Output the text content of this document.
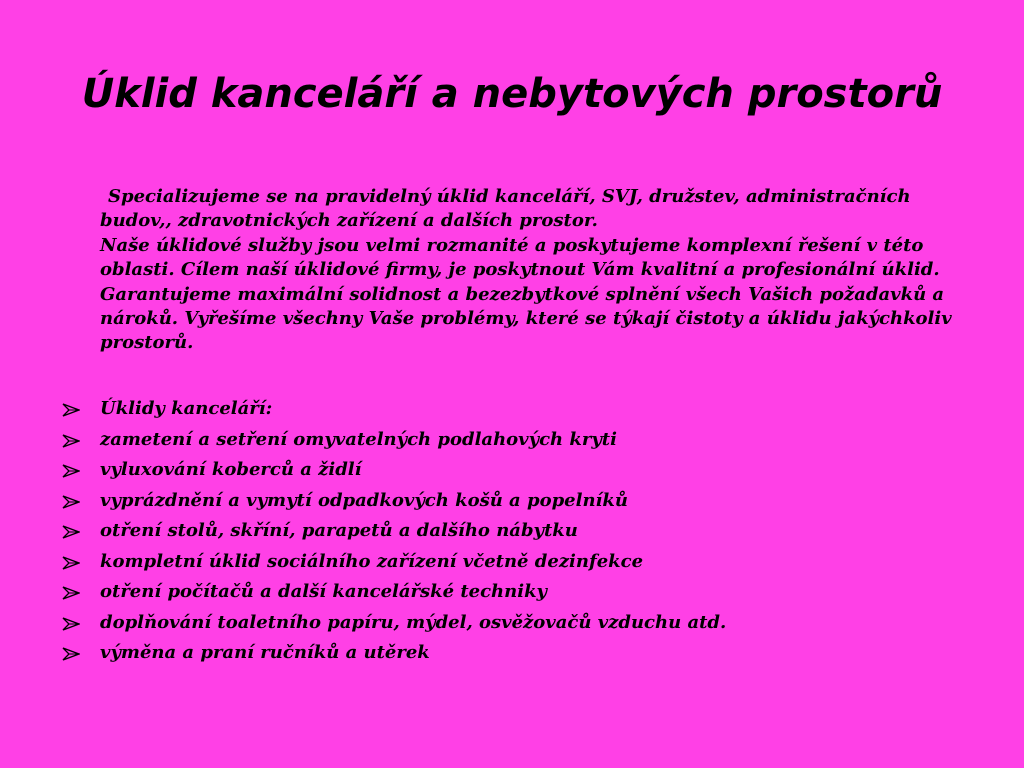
Úklid kanceláří a nebytových prostorů

Specializujeme se na pravidelný úklid kanceláří, SVJ, družstev, administračních budov,, zdravotnických zařízení a dalších prostor.

Naše úklidové služby jsou velmi rozmanité a poskytujeme komplexní řešení v této oblasti. Cílem naší úklidové firmy, je poskytnout Vám kvalitní a profesionální úklid. Garantujeme maximální solidnost a bezezbytkové splnění všech Vašich požadavků a nároků. Vyřešíme všechny Vaše problémy, které se týkají čistoty a úklidu jakýchkoliv prostorů.

Úklidy kanceláří:
zametení a setření omyvatelných podlahových kryti
vyluxování koberců a židlí
vyprázdnění a vymytí odpadkových košů a popelníků
otření stolů, skříní, parapetů a dalšího nábytku
kompletní úklid sociálního zařízení včetně dezinfekce
otření počítačů a další kancelářské techniky
doplňování toaletního papíru, mýdel, osvěžovačů vzduchu atd.
výměna a praní ručníků a utěrek
